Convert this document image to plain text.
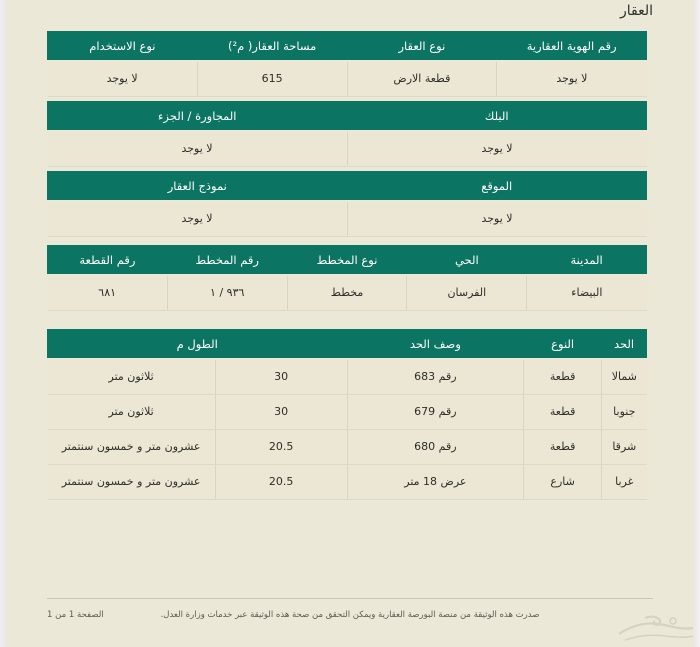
العقار
رقم الهوية العقارية	نوع العقار	مساحة العقار( م²)	نوع الاستخدام
لا يوجد	قطعة الارض	615	لا يوجد

البلك		المجاورة / الجزء	
لا يوجد		لا يوجد	

الموقع		نموذج العقار	
لا يوجد		لا يوجد	
المدينة	الحي	نوع المخطط	رقم المخطط	رقم القطعة
البيضاء	الفرسان	مخطط	٩٣٦ / ١	٦٨١
الحد	النوع	وصف الحد	الطول م	
شمالا	قطعة	رقم 683	30	ثلاثون متر
جنوبا	قطعة	رقم 679	30	ثلاثون متر
شرقا	قطعة	رقم 680	20.5	عشرون متر و خمسون سنتمتر
غربا	شارع	عرض 18 متر	20.5	عشرون متر و خمسون سنتمتر
صدرت هذه الوثيقة من منصة البورصة العقارية ويمكن التحقق من صحة هذه الوثيقة عبر خدمات وزارة العدل.
الصفحة 1 من 1
